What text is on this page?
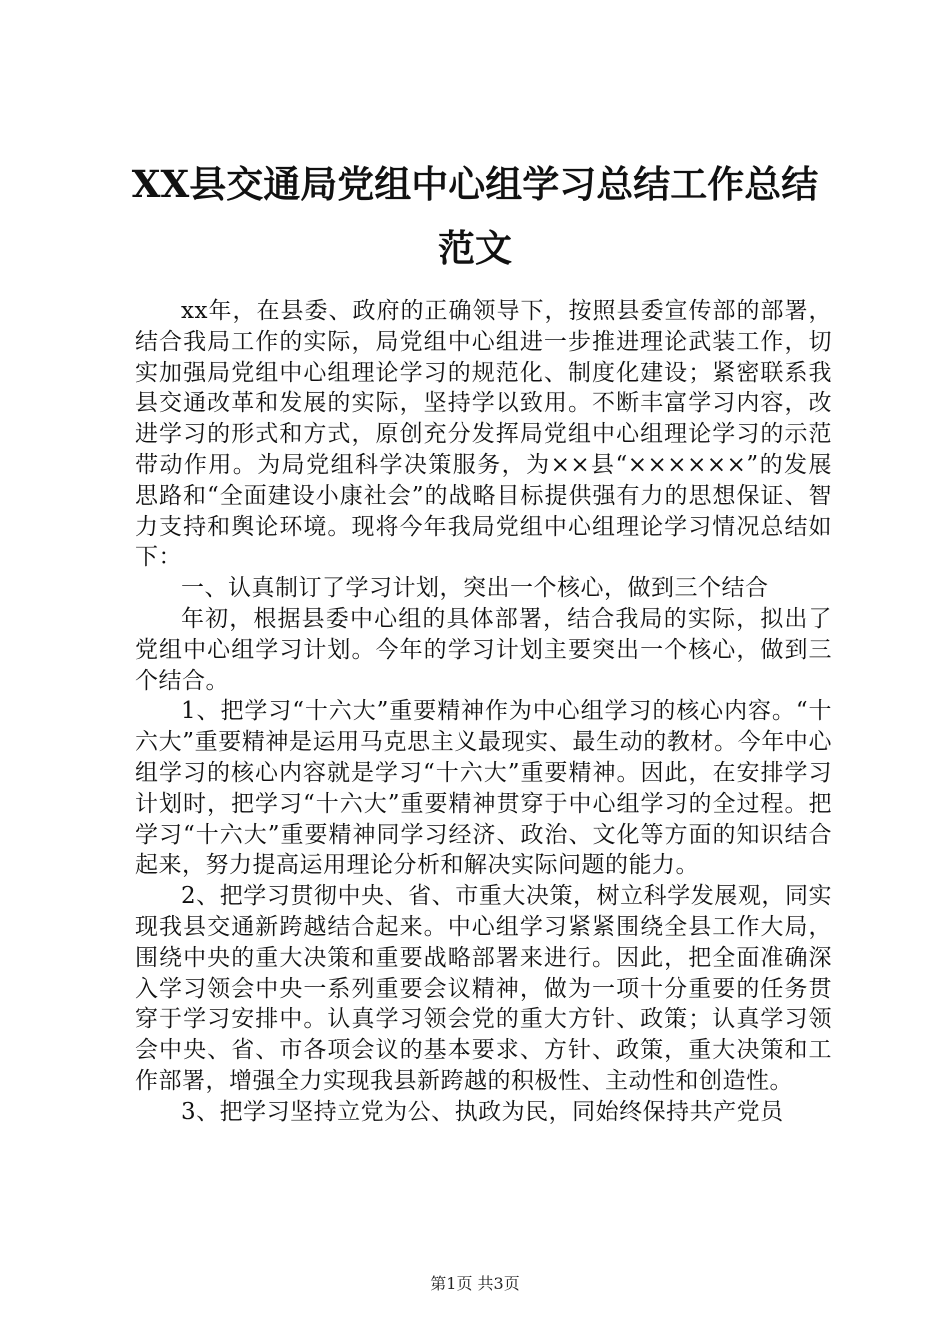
XX县交通局党组中心组学习总结工作总结范文

xx年，在县委、政府的正确领导下，按照县委宣传部的部署，结合我局工作的实际，局党组中心组进一步推进理论武装工作，切实加强局党组中心组理论学习的规范化、制度化建设；紧密联系我县交通改革和发展的实际，坚持学以致用。不断丰富学习内容，改进学习的形式和方式，原创充分发挥局党组中心组理论学习的示范带动作用。为局党组科学决策服务，为××县“××××××”的发展思路和“全面建设小康社会”的战略目标提供强有力的思想保证、智力支持和舆论环境。现将今年我局党组中心组理论学习情况总结如下：

一、认真制订了学习计划，突出一个核心，做到三个结合

年初，根据县委中心组的具体部署，结合我局的实际，拟出了党组中心组学习计划。今年的学习计划主要突出一个核心，做到三个结合。

1、把学习“十六大”重要精神作为中心组学习的核心内容。“十六大”重要精神是运用马克思主义最现实、最生动的教材。今年中心组学习的核心内容就是学习“十六大”重要精神。因此，在安排学习计划时，把学习“十六大”重要精神贯穿于中心组学习的全过程。把学习“十六大”重要精神同学习经济、政治、文化等方面的知识结合起来，努力提高运用理论分析和解决实际问题的能力。

2、把学习贯彻中央、省、市重大决策，树立科学发展观，同实现我县交通新跨越结合起来。中心组学习紧紧围绕全县工作大局，围绕中央的重大决策和重要战略部署来进行。因此，把全面准确深入学习领会中央一系列重要会议精神，做为一项十分重要的任务贯穿于学习安排中。认真学习领会党的重大方针、政策；认真学习领会中央、省、市各项会议的基本要求、方针、政策，重大决策和工作部署，增强全力实现我县新跨越的积极性、主动性和创造性。

3、把学习坚持立党为公、执政为民，同始终保持共产党员

第1页 共3页
